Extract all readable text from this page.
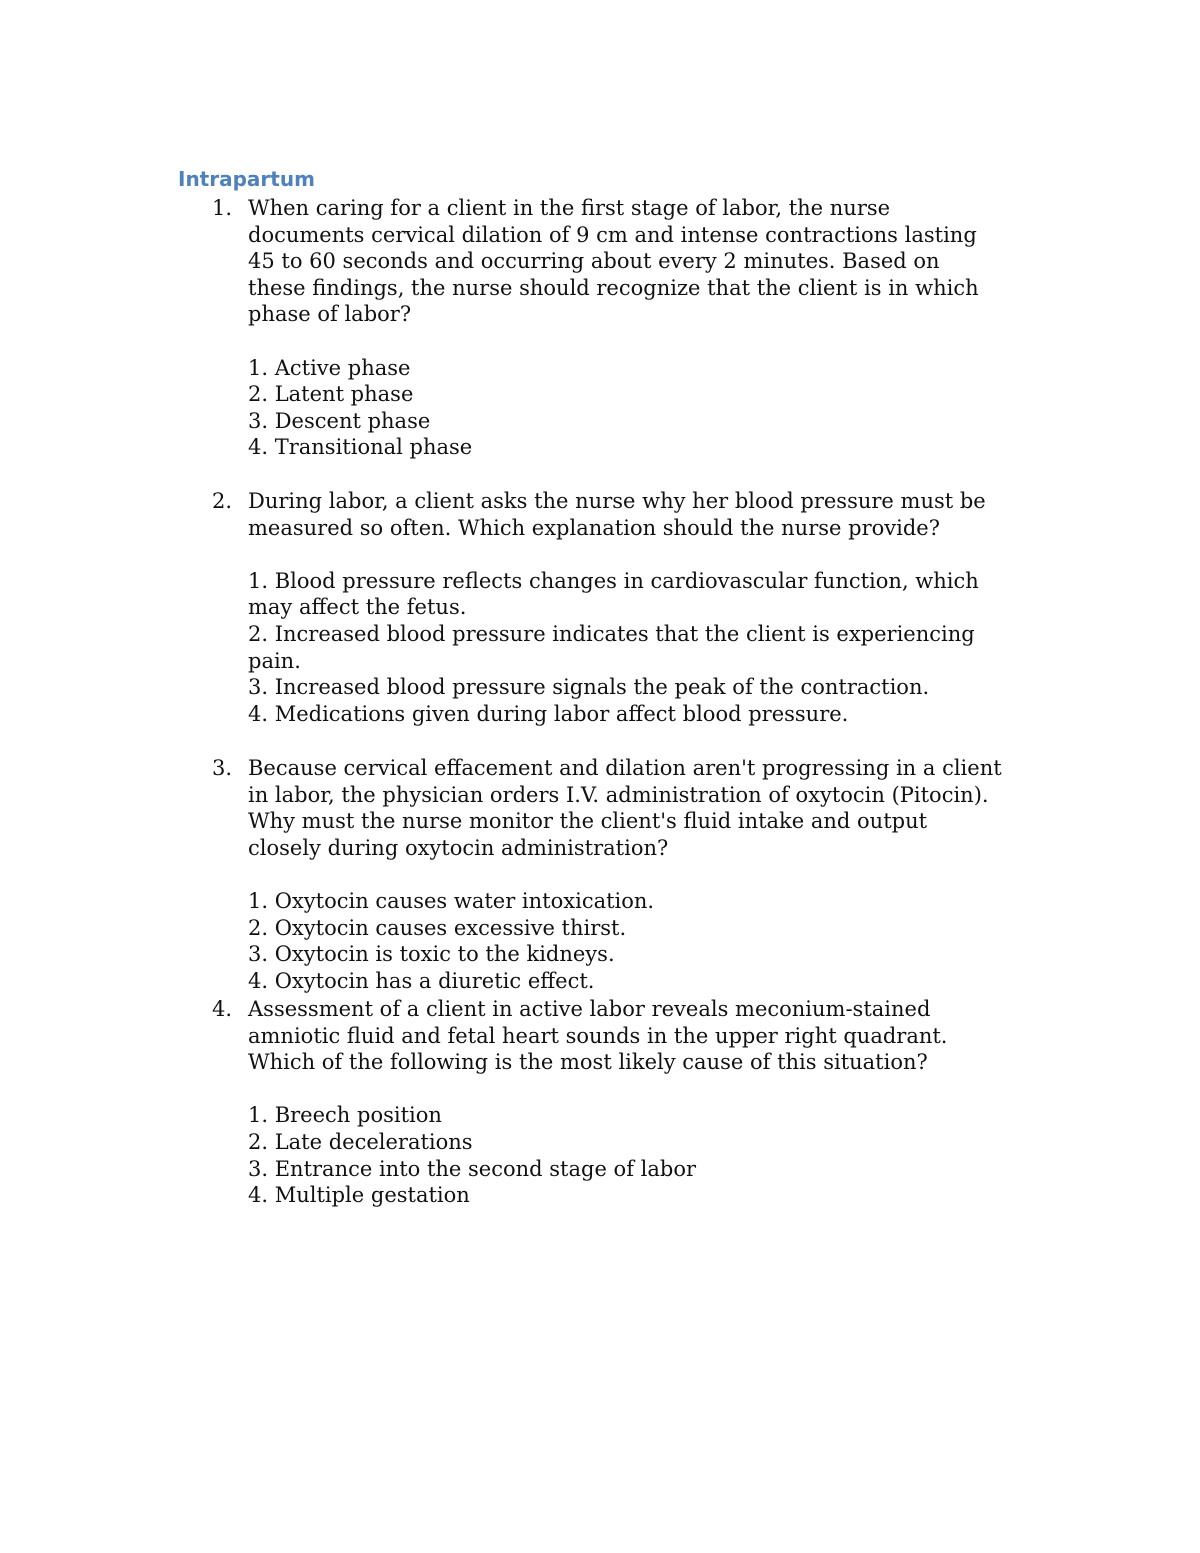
Intrapartum
1. When caring for a client in the first stage of labor, the nurse documents cervical dilation of 9 cm and intense contractions lasting 45 to 60 seconds and occurring about every 2 minutes. Based on these findings, the nurse should recognize that the client is in which phase of labor?

1. Active phase
2. Latent phase
3. Descent phase
4. Transitional phase
2. During labor, a client asks the nurse why her blood pressure must be measured so often. Which explanation should the nurse provide?

1. Blood pressure reflects changes in cardiovascular function, which may affect the fetus.
2. Increased blood pressure indicates that the client is experiencing pain.
3. Increased blood pressure signals the peak of the contraction.
4. Medications given during labor affect blood pressure.
3. Because cervical effacement and dilation aren't progressing in a client in labor, the physician orders I.V. administration of oxytocin (Pitocin). Why must the nurse monitor the client's fluid intake and output closely during oxytocin administration?

1. Oxytocin causes water intoxication.
2. Oxytocin causes excessive thirst.
3. Oxytocin is toxic to the kidneys.
4. Oxytocin has a diuretic effect.
4. Assessment of a client in active labor reveals meconium-stained amniotic fluid and fetal heart sounds in the upper right quadrant. Which of the following is the most likely cause of this situation?

1. Breech position
2. Late decelerations
3. Entrance into the second stage of labor
4. Multiple gestation
